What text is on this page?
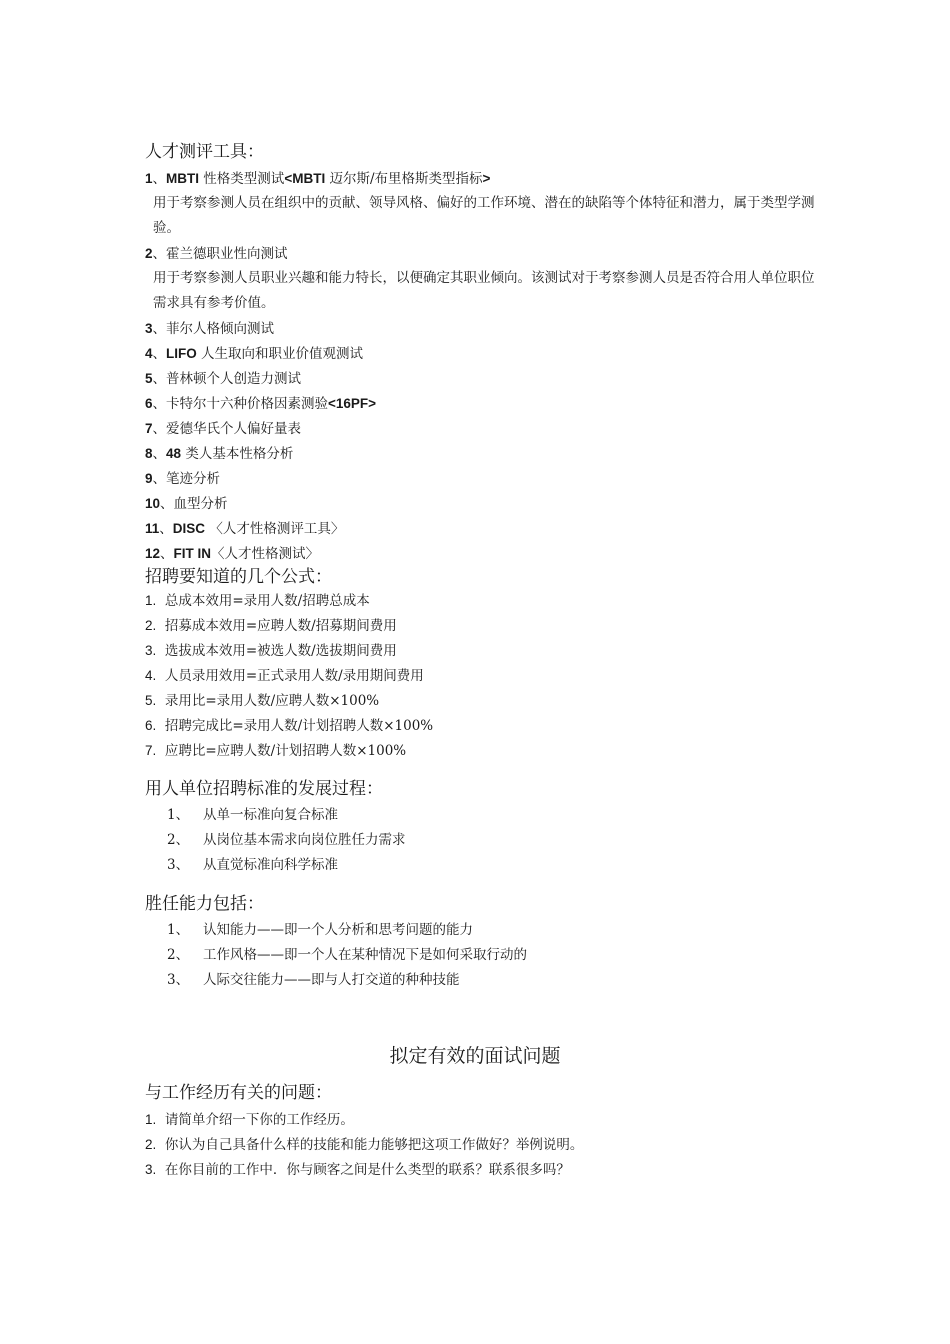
人才测评工具：
1、MBTI 性格类型测试<MBTI 迈尔斯/布里格斯类型指标>
用于考察参测人员在组织中的贡献、领导风格、偏好的工作环境、潜在的缺陷等个体特征和潜力，属于类型学测验。
2、霍兰德职业性向测试
用于考察参测人员职业兴趣和能力特长，以便确定其职业倾向。该测试对于考察参测人员是否符合用人单位职位需求具有参考价值。
3、菲尔人格倾向测试
4、LIFO 人生取向和职业价值观测试
5、普林顿个人创造力测试
6、卡特尔十六种价格因素测验<16PF>
7、爱德华氏个人偏好量表
8、48 类人基本性格分析
9、笔迹分析
10、血型分析
11、DISC 〈人才性格测评工具〉
12、FIT IN〈人才性格测试〉
招聘要知道的几个公式：
1. 总成本效用=录用人数/招聘总成本
2. 招募成本效用=应聘人数/招募期间费用
3. 选拔成本效用=被选人数/选拔期间费用
4. 人员录用效用=正式录用人数/录用期间费用
5. 录用比=录用人数/应聘人数×100%
6. 招聘完成比=录用人数/计划招聘人数×100%
7. 应聘比=应聘人数/计划招聘人数×100%
用人单位招聘标准的发展过程：
1、 从单一标准向复合标准
2、 从岗位基本需求向岗位胜任力需求
3、 从直觉标准向科学标准
胜任能力包括：
1、 认知能力——即一个人分析和思考问题的能力
2、 工作风格——即一个人在某种情况下是如何采取行动的
3、 人际交往能力——即与人打交道的种种技能
拟定有效的面试问题
与工作经历有关的问题：
1. 请简单介绍一下你的工作经历。
2. 你认为自己具备什么样的技能和能力能够把这项工作做好？举例说明。
3. 在你目前的工作中．你与顾客之间是什么类型的联系？联系很多吗？
